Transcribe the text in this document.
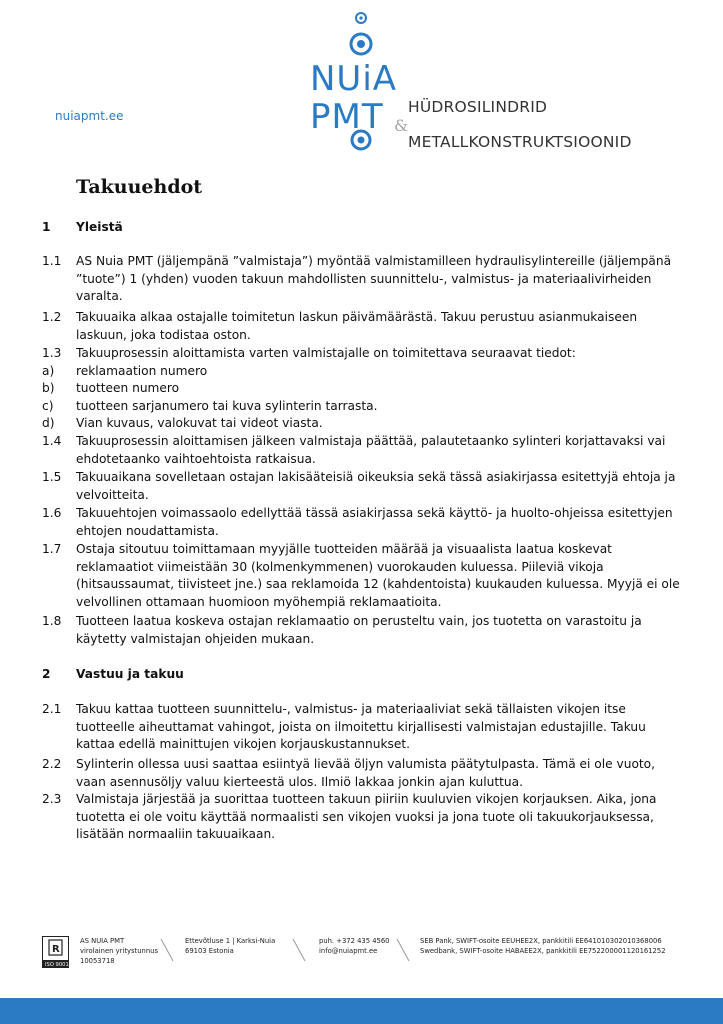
nuiapmt.ee
NUiA
PMT HÜDROSILINDRID
&
METALLKONSTRUKTSIOONID
Takuuehdot
1 Yleistä
1.1 AS Nuia PMT (jäljempänä ”valmistaja”) myöntää valmistamilleen hydraulisylintereille (jäljempänä ”tuote”) 1 (yhden) vuoden takuun mahdollisten suunnittelu-, valmistus- ja materiaalivirheiden varalta.
1.2 Takuuaika alkaa ostajalle toimitetun laskun päivämäärästä. Takuu perustuu asianmukaiseen laskuun, joka todistaa oston.
1.3 Takuuprosessin aloittamista varten valmistajalle on toimitettava seuraavat tiedot:
a) reklamaation numero
b) tuotteen numero
c) tuotteen sarjanumero tai kuva sylinterin tarrasta.
d) Vian kuvaus, valokuvat tai videot viasta.
1.4 Takuuprosessin aloittamisen jälkeen valmistaja päättää, palautetaanko sylinteri korjattavaksi vai ehdotetaanko vaihtoehtoista ratkaisua.
1.5 Takuuaikana sovelletaan ostajan lakisääteisiä oikeuksia sekä tässä asiakirjassa esitettyjä ehtoja ja velvoitteita.
1.6 Takuuehtojen voimassaolo edellyttää tässä asiakirjassa sekä käyttö- ja huolto-ohjeissa esitettyjen ehtojen noudattamista.
1.7 Ostaja sitoutuu toimittamaan myyjälle tuotteiden määrää ja visuaalista laatua koskevat reklamaatiot viimeistään 30 (kolmenkymmenen) vuorokauden kuluessa. Piileviä vikoja (hitsaussaumat, tiivisteet jne.) saa reklamoida 12 (kahdentoista) kuukauden kuluessa. Myyjä ei ole velvollinen ottamaan huomioon myöhempiä reklamaatioita.
1.8 Tuotteen laatua koskeva ostajan reklamaatio on perusteltu vain, jos tuotetta on varastoitu ja käytetty valmistajan ohjeiden mukaan.
2 Vastuu ja takuu
2.1 Takuu kattaa tuotteen suunnittelu-, valmistus- ja materiaaliviat sekä tällaisten vikojen itse tuotteelle aiheuttamat vahingot, joista on ilmoitettu kirjallisesti valmistajan edustajille. Takuu kattaa edellä mainittujen vikojen korjauskustannukset.
2.2 Sylinterin ollessa uusi saattaa esiintyä lievää öljyn valumista päätytulpasta. Tämä ei ole vuoto, vaan asennusöljy valuu kierteestä ulos. Ilmiö lakkaa jonkin ajan kuluttua.
2.3 Valmistaja järjestää ja suorittaa tuotteen takuun piiriin kuuluvien vikojen korjauksen. Aika, jona tuotetta ei ole voitu käyttää normaalisti sen vikojen vuoksi ja jona tuote oli takuukorjauksessa, lisätään normaaliin takuuaikaan.
R
ISO 9001
AS NUIA PMT
virolainen yritystunnus
10053718
Ettevõtluse 1 | Karksi-Nuia
69103 Estonia
puh. +372 435 4560
info@nuiapmt.ee
SEB Pank, SWIFT-osoite EEUHEE2X, pankkitili EE641010302010368006
Swedbank, SWIFT-osoite HABAEE2X, pankkitili EE752200001120161252
